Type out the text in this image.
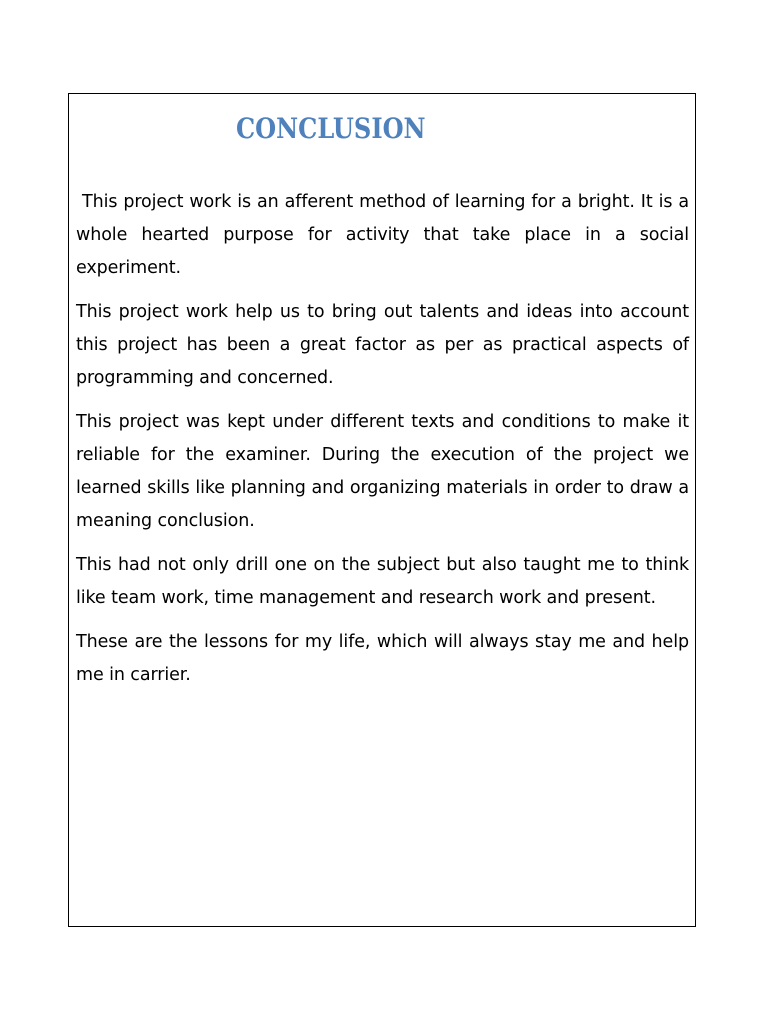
CONCLUSION

This project work is an afferent method of learning for a bright. It is a whole hearted purpose for activity that take place in a social experiment.

This project work help us to bring out talents and ideas into account this project has been a great factor as per as practical aspects of programming and concerned.

This project was kept under different texts and conditions to make it reliable for the examiner. During the execution of the project we learned skills like planning and organizing materials in order to draw a meaning conclusion.

This had not only drill one on the subject but also taught me to think like team work, time management and research work and present.

These are the lessons for my life, which will always stay me and help me in carrier.
